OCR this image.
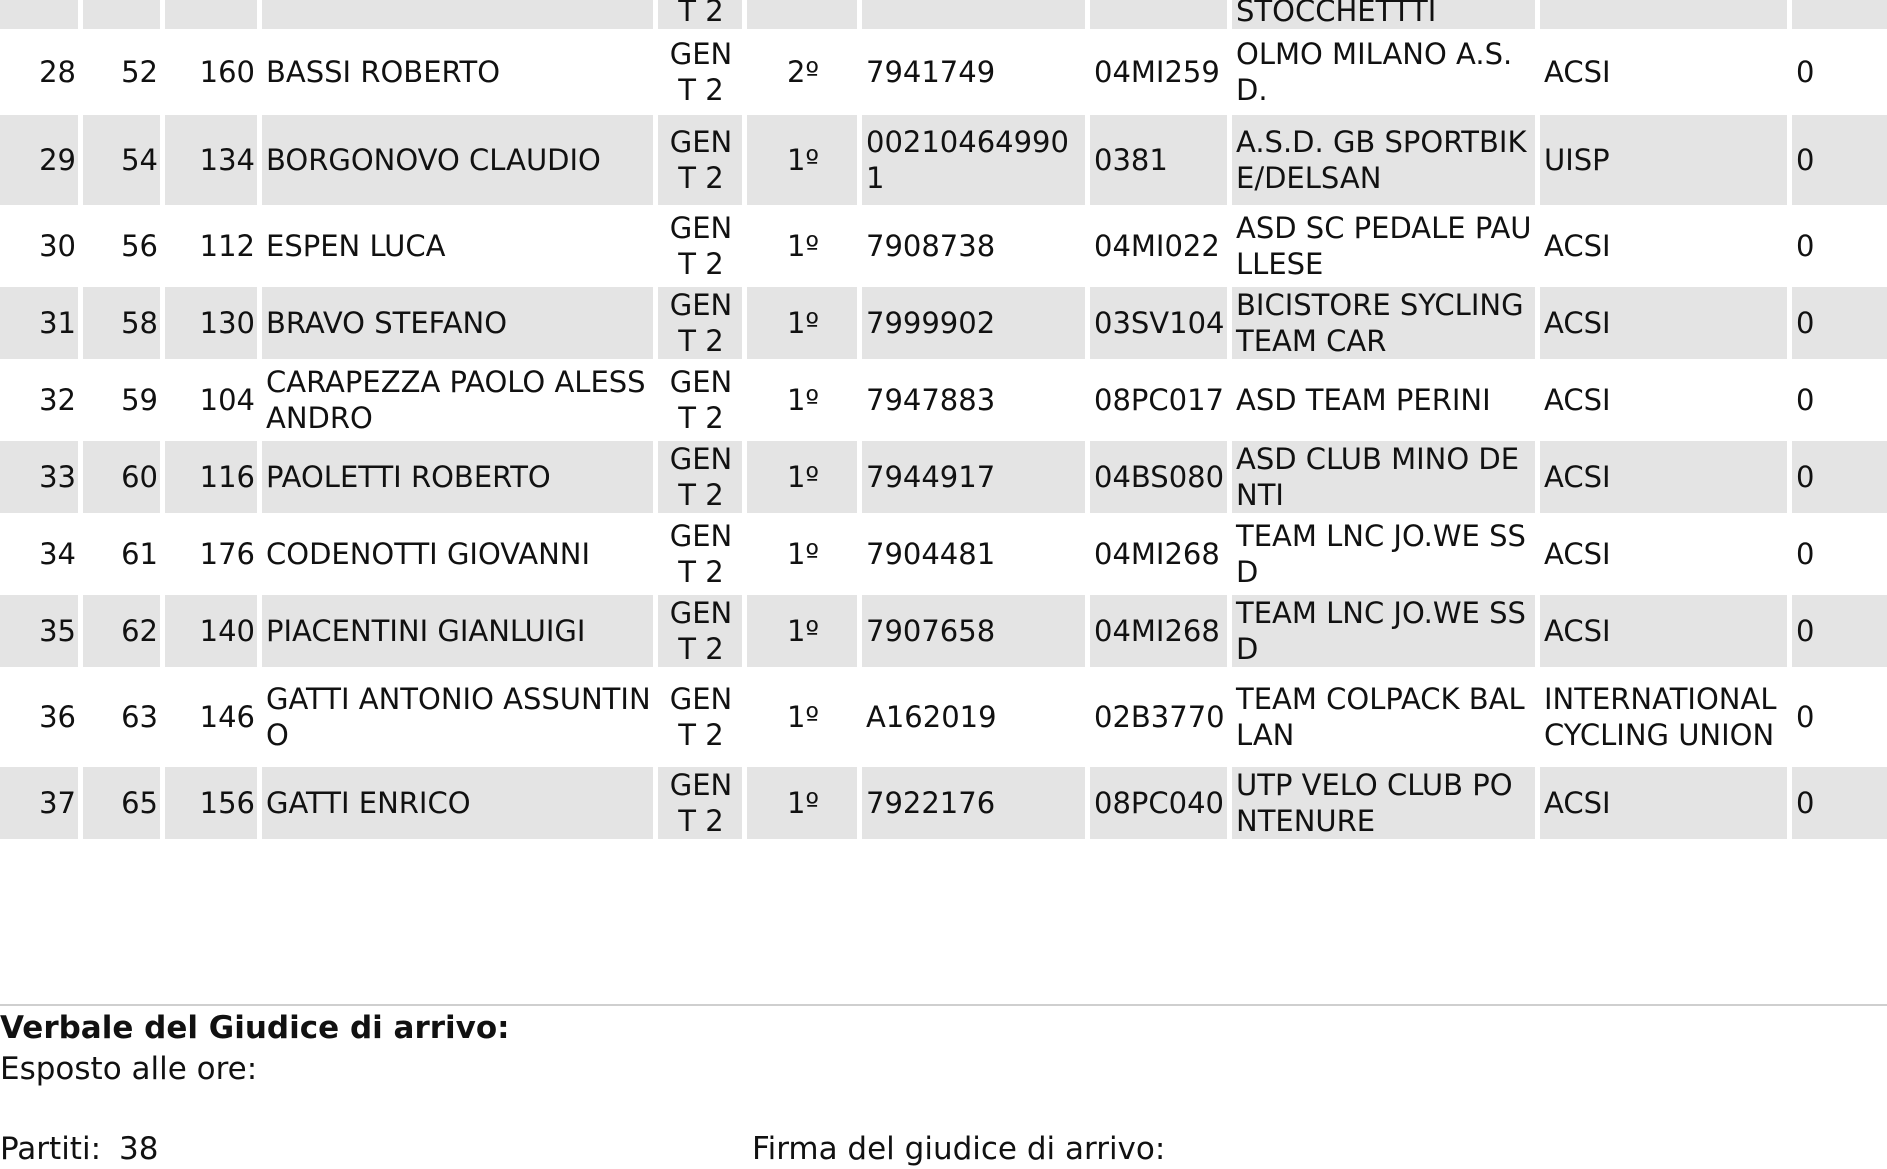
				T 2				STOCCHETTTI		
28	52	160	BASSI ROBERTO	GEN T 2	2º	7941749	04MI259	OLMO MILANO A.S.D.	ACSI	0
29	54	134	BORGONOVO CLAUDIO	GEN T 2	1º	002104649901	0381	A.S.D. GB SPORTBIKE/DELSAN	UISP	0
30	56	112	ESPEN LUCA	GEN T 2	1º	7908738	04MI022	ASD SC PEDALE PAULLESE	ACSI	0
31	58	130	BRAVO STEFANO	GEN T 2	1º	7999902	03SV104	BICISTORE SYCLING TEAM CAR	ACSI	0
32	59	104	CARAPEZZA PAOLO ALESSANDRO	GEN T 2	1º	7947883	08PC017	ASD TEAM PERINI	ACSI	0
33	60	116	PAOLETTI ROBERTO	GEN T 2	1º	7944917	04BS080	ASD CLUB MINO DENTI	ACSI	0
34	61	176	CODENOTTI GIOVANNI	GEN T 2	1º	7904481	04MI268	TEAM LNC JO.WE SSD	ACSI	0
35	62	140	PIACENTINI GIANLUIGI	GEN T 2	1º	7907658	04MI268	TEAM LNC JO.WE SSD	ACSI	0
36	63	146	GATTI ANTONIO ASSUNTINO	GEN T 2	1º	A162019	02B3770	TEAM COLPACK BALLAN	INTERNATIONAL CYCLING UNION	0
37	65	156	GATTI ENRICO	GEN T 2	1º	7922176	08PC040	UTP VELO CLUB PONTENURE	ACSI	0
Verbale del Giudice di arrivo:
Esposto alle ore:
Partiti: 38	Firma del giudice di arrivo:
